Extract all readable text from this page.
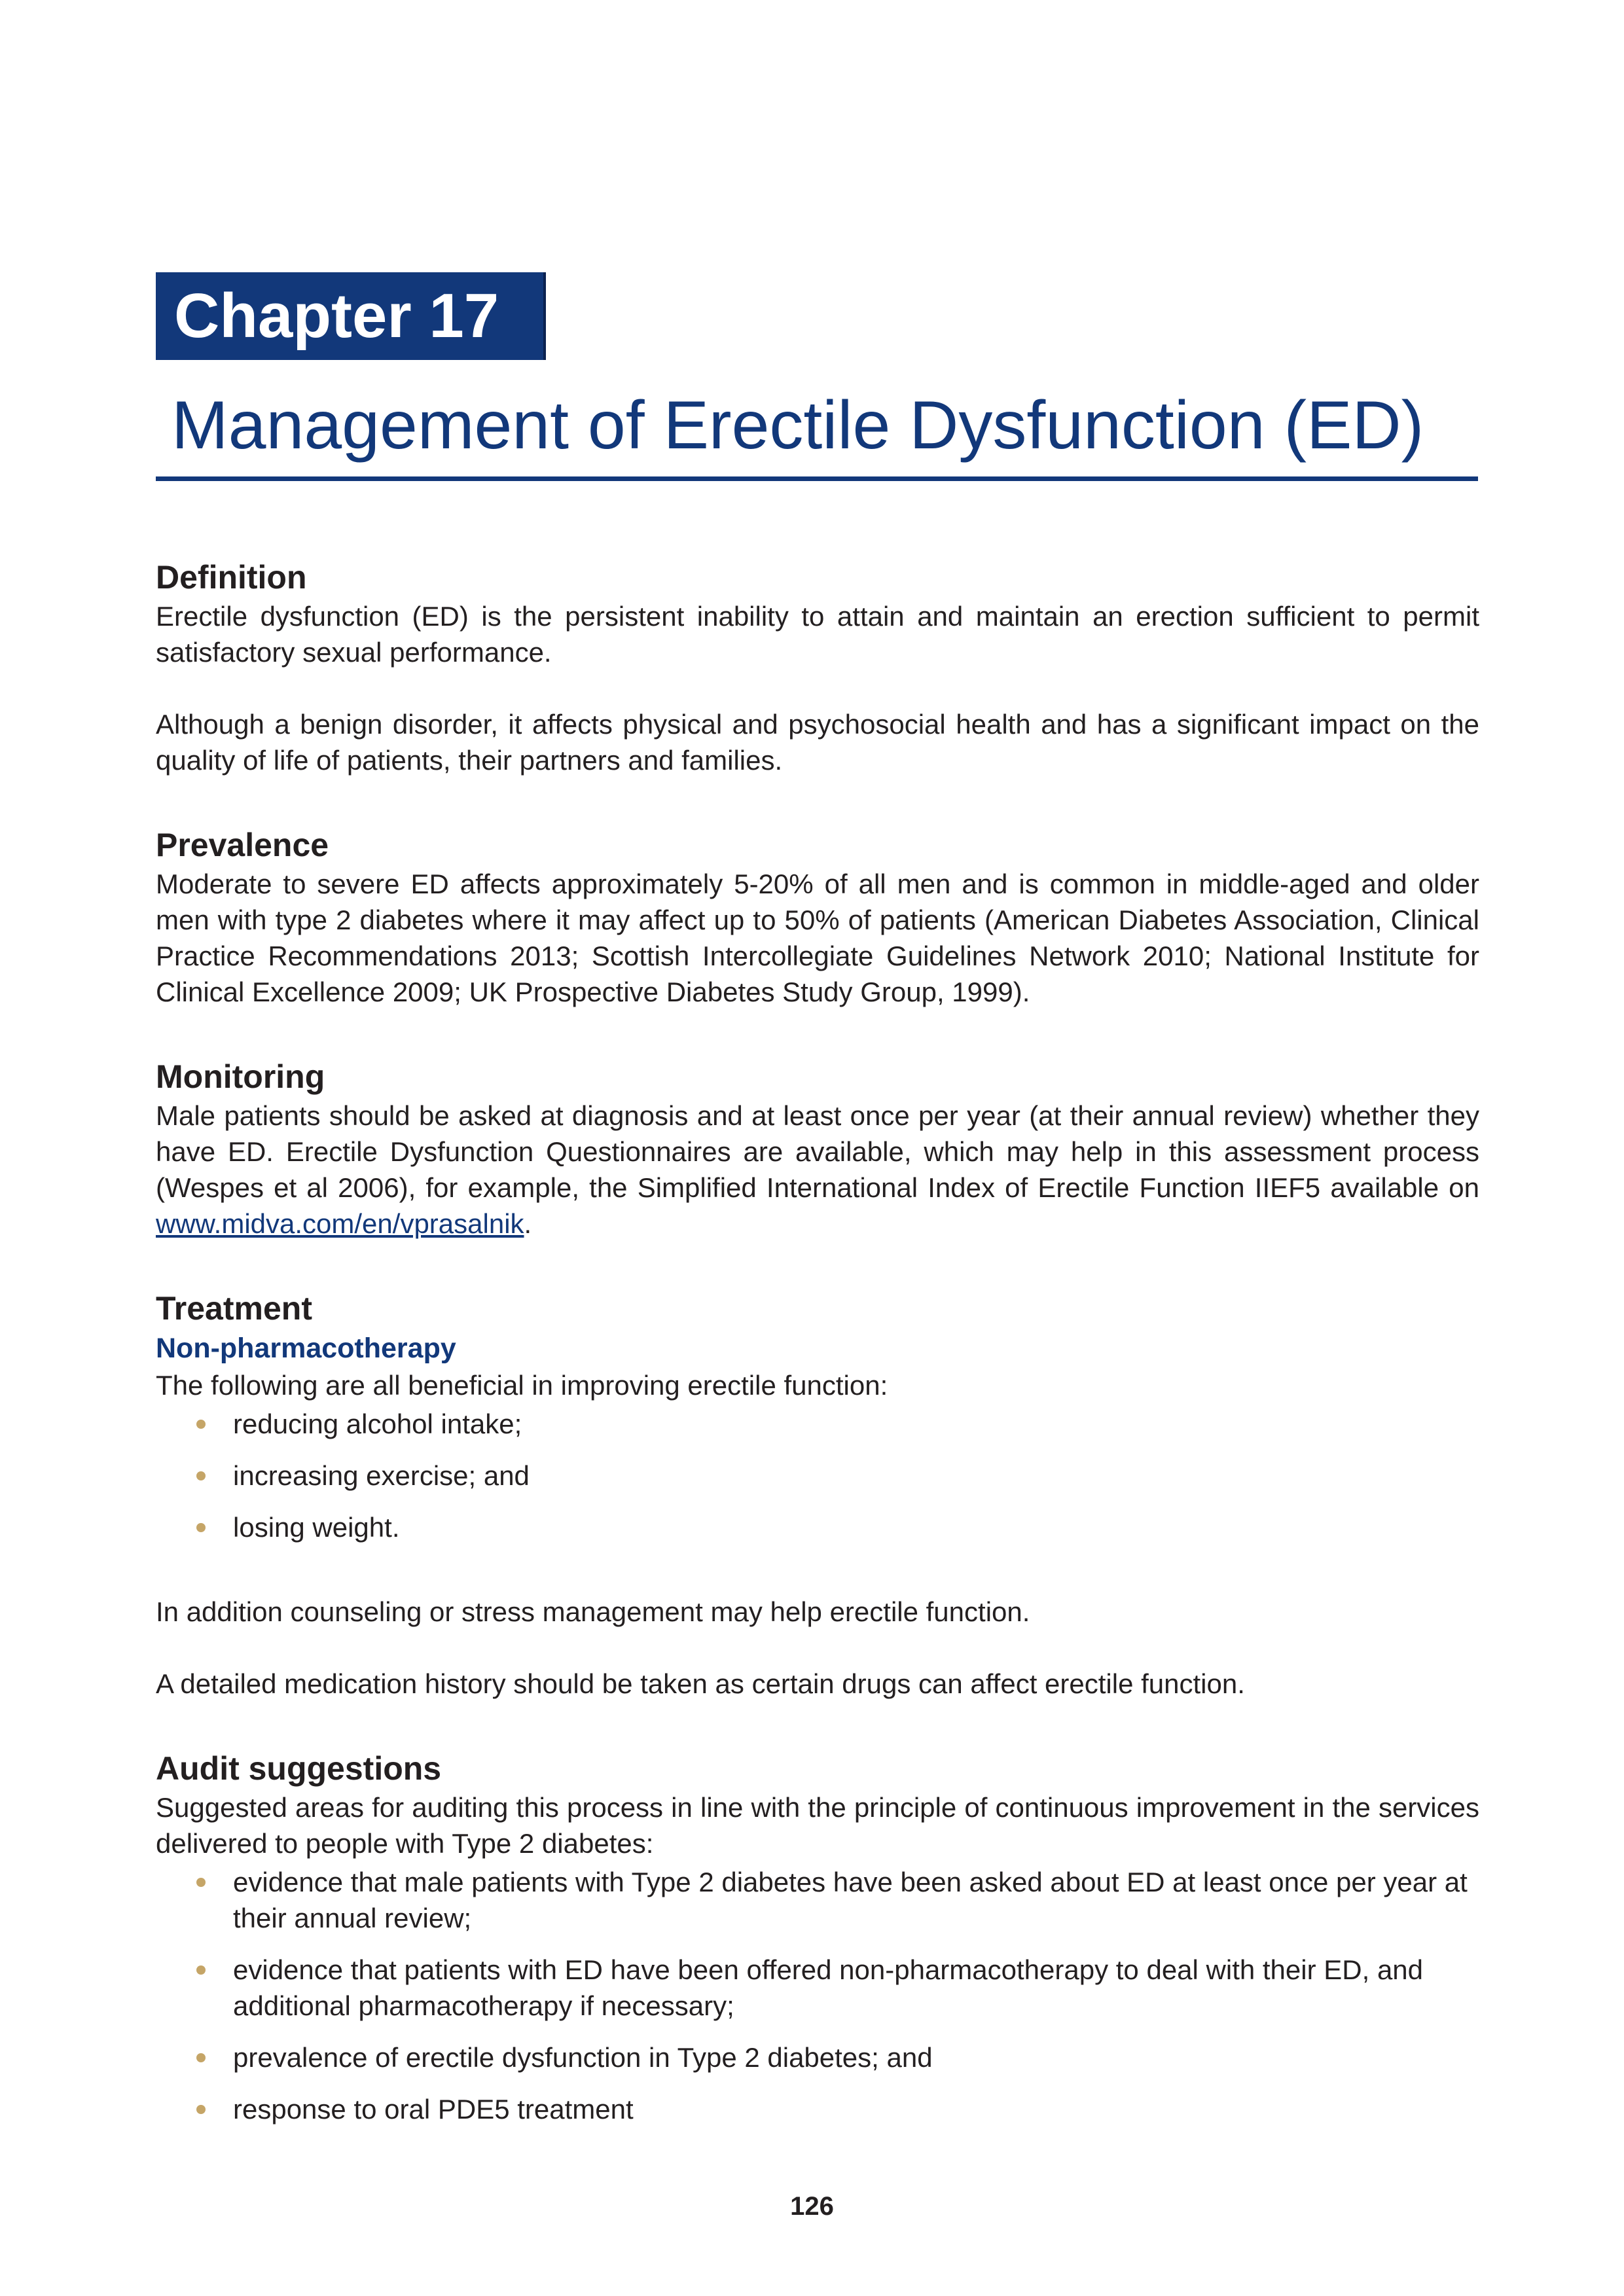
Chapter 17
Management of Erectile Dysfunction (ED)
Definition

Erectile dysfunction (ED) is the persistent inability to attain and maintain an erection sufficient to permit satisfactory sexual performance.

Although a benign disorder, it affects physical and psychosocial health and has a significant impact on the quality of life of patients, their partners and families.

Prevalence

Moderate to severe ED affects approximately 5-20% of all men and is common in middle-aged and older men with type 2 diabetes where it may affect up to 50% of patients (American Diabetes Association, Clinical Practice Recommendations 2013; Scottish Intercollegiate Guidelines Network 2010; National Institute for Clinical Excellence 2009; UK Prospective Diabetes Study Group, 1999).

Monitoring

Male patients should be asked at diagnosis and at least once per year (at their annual review) whether they have ED. Erectile Dysfunction Questionnaires are available, which may help in this assessment process (Wespes et al 2006), for example, the Simplified International Index of Erectile Function IIEF5 available on www.midva.com/en/vprasalnik.

Treatment
Non-pharmacotherapy

The following are all beneficial in improving erectile function:

reducing alcohol intake;
increasing exercise; and
losing weight.

In addition counseling or stress management may help erectile function.

A detailed medication history should be taken as certain drugs can affect erectile function.

Audit suggestions

Suggested areas for auditing this process in line with the principle of continuous improvement in the services delivered to people with Type 2 diabetes:

evidence that male patients with Type 2 diabetes have been asked about ED at least once per year at their annual review;
evidence that patients with ED have been offered non-pharmacotherapy to deal with their ED, and additional pharmacotherapy if necessary;
prevalence of erectile dysfunction in Type 2 diabetes; and
response to oral PDE5 treatment
126
